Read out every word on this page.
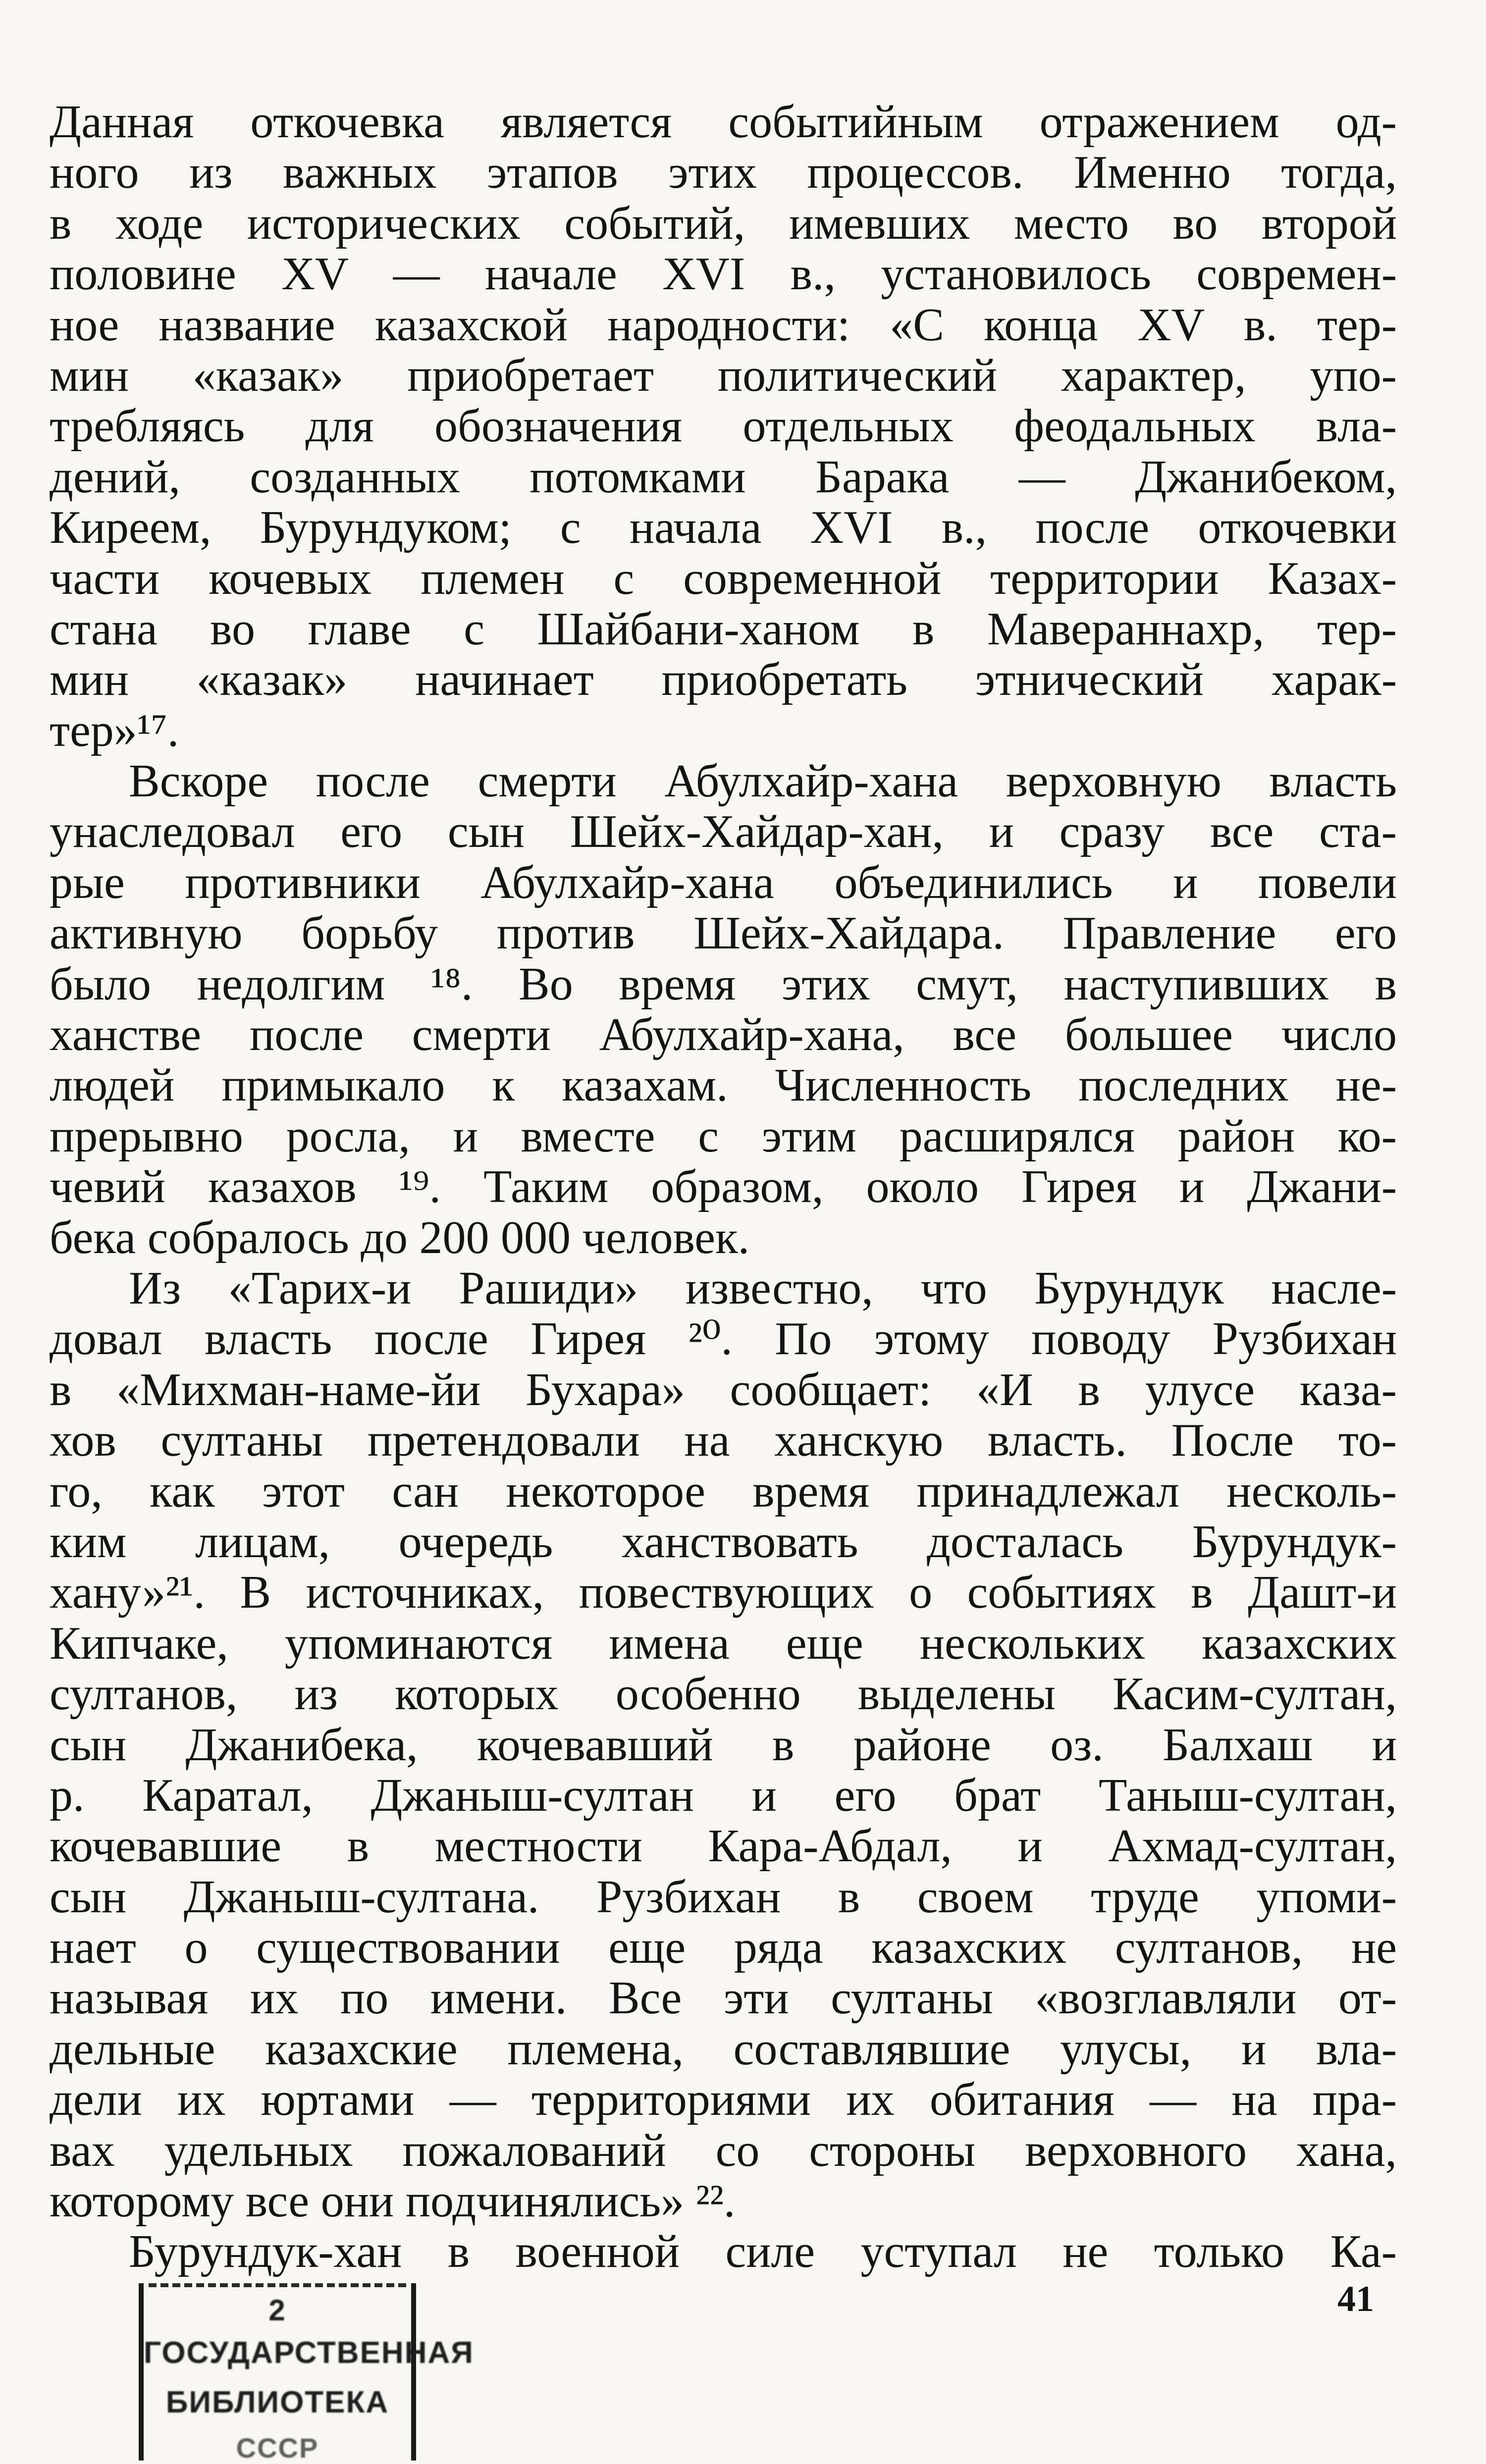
Данная откочевка является событийным отражением од-
ного из важных этапов этих процессов. Именно тогда,
в ходе исторических событий, имевших место во второй
половине XV — начале XVI в., установилось современ-
ное название казахской народности: «С конца XV в. тер-
мин «казак» приобретает политический характер, упо-
требляясь для обозначения отдельных феодальных вла-
дений, созданных потомками Барака — Джанибеком,
Киреем, Бурундуком; с начала XVI в., после откочевки
части кочевых племен с современной территории Казах-
стана во главе с Шайбани-ханом в Мавераннахр, тер-
мин «казак» начинает приобретать этнический харак-
тер»¹⁷.
Вскоре после смерти Абулхайр-хана верховную власть
унаследовал его сын Шейх-Хайдар-хан, и сразу все ста-
рые противники Абулхайр-хана объединились и повели
активную борьбу против Шейх-Хайдара. Правление его
было недолгим ¹⁸. Во время этих смут, наступивших в
ханстве после смерти Абулхайр-хана, все большее число
людей примыкало к казахам. Численность последних не-
прерывно росла, и вместе с этим расширялся район ко-
чевий казахов ¹⁹. Таким образом, около Гирея и Джани-
бека собралось до 200 000 человек.
Из «Тарих-и Рашиди» известно, что Бурундук насле-
довал власть после Гирея ²⁰. По этому поводу Рузбихан
в «Михман-наме-йи Бухара» сообщает: «И в улусе каза-
хов султаны претендовали на ханскую власть. После то-
го, как этот сан некоторое время принадлежал несколь-
ким лицам, очередь ханствовать досталась Бурундук-
хану»²¹. В источниках, повествующих о событиях в Дашт-и
Кипчаке, упоминаются имена еще нескольких казахских
султанов, из которых особенно выделены Касим-султан,
сын Джанибека, кочевавший в районе оз. Балхаш и
р. Каратал, Джаныш-султан и его брат Таныш-султан,
кочевавшие в местности Кара-Абдал, и Ахмад-султан,
сын Джаныш-султана. Рузбихан в своем труде упоми-
нает о существовании еще ряда казахских султанов, не
называя их по имени. Все эти султаны «возглавляли от-
дельные казахские племена, составлявшие улусы, и вла-
дели их юртами — территориями их обитания — на пра-
вах удельных пожалований со стороны верховного хана,
которому все они подчинялись» ²².
Бурундук-хан в военной силе уступал не только Ка-
2
ГОСУДАРСТВЕННАЯ
БИБЛИОТЕКА
СССР
41
